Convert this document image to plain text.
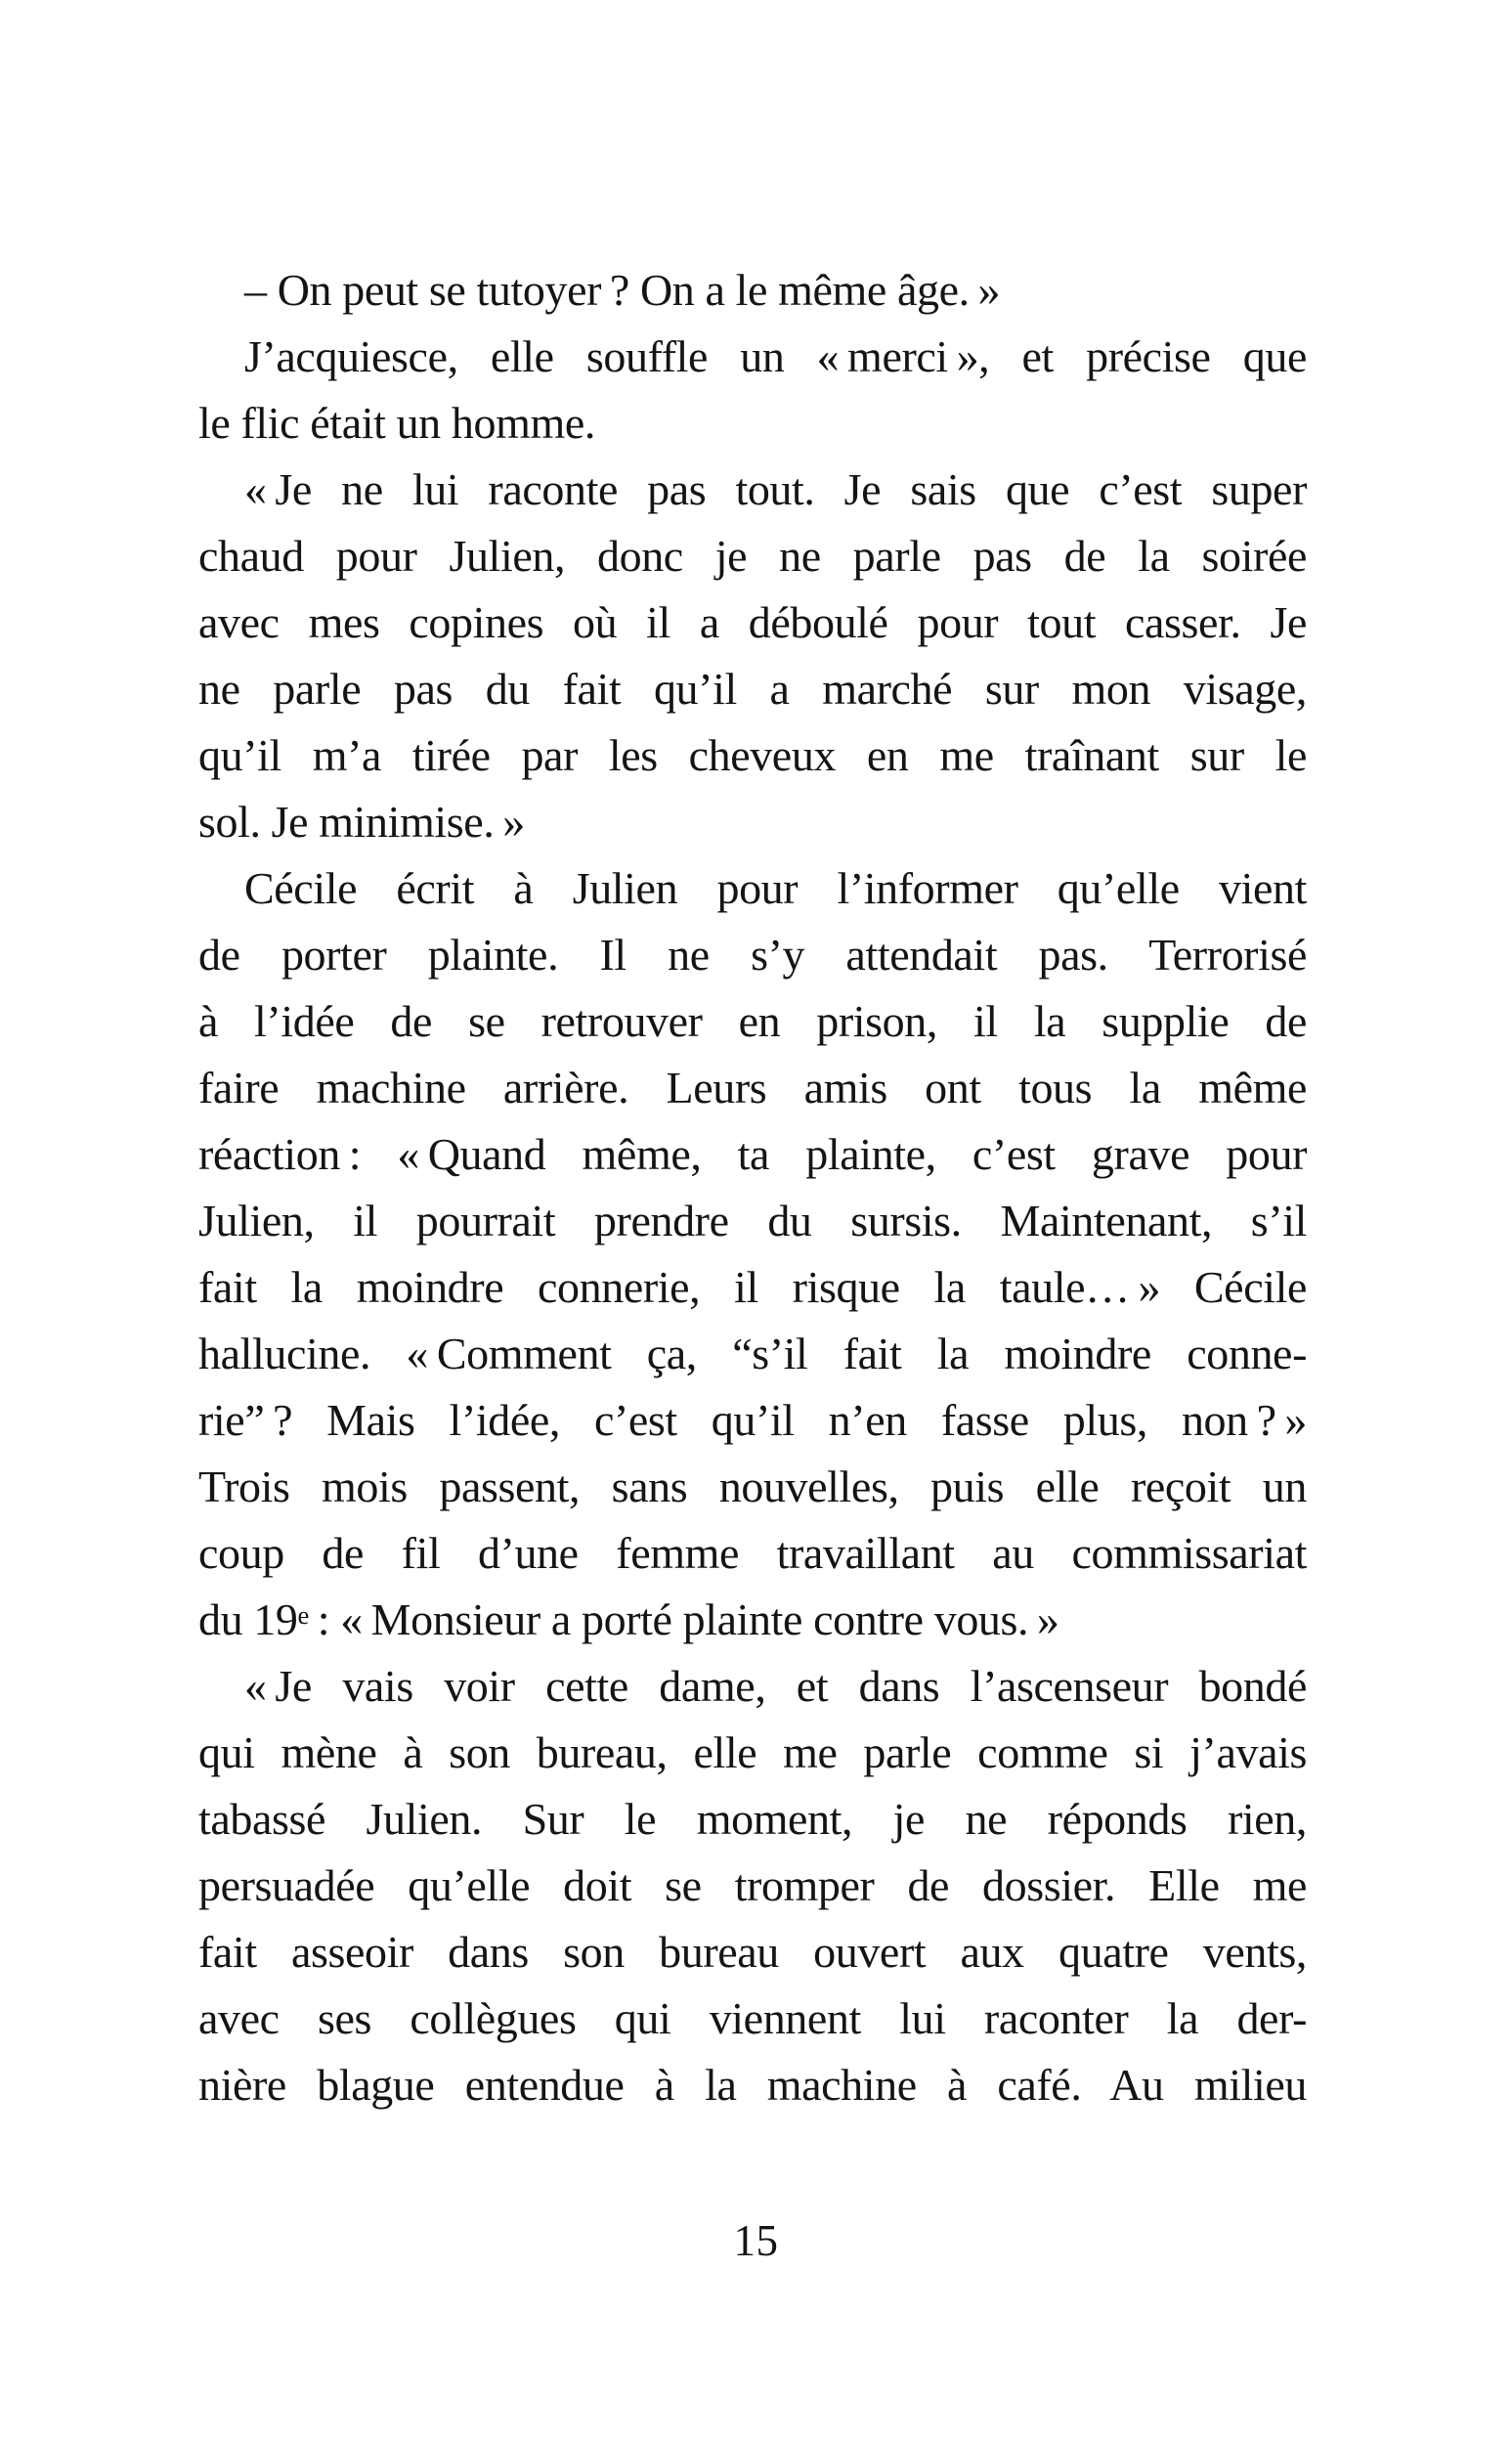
– On peut se tutoyer ? On a le même âge. »
J’acquiesce, elle souffle un « merci », et précise que
le flic était un homme.
« Je ne lui raconte pas tout. Je sais que c’est super
chaud pour Julien, donc je ne parle pas de la soirée
avec mes copines où il a déboulé pour tout casser. Je
ne parle pas du fait qu’il a marché sur mon visage,
qu’il m’a tirée par les cheveux en me traînant sur le
sol. Je minimise. »
Cécile écrit à Julien pour l’informer qu’elle vient
de porter plainte. Il ne s’y attendait pas. Terrorisé
à l’idée de se retrouver en prison, il la supplie de
faire machine arrière. Leurs amis ont tous la même
réaction : « Quand même, ta plainte, c’est grave pour
Julien, il pourrait prendre du sursis. Maintenant, s’il
fait la moindre connerie, il risque la taule… » Cécile
hallucine. « Comment ça, “s’il fait la moindre conne-
rie” ? Mais l’idée, c’est qu’il n’en fasse plus, non ? »
Trois mois passent, sans nouvelles, puis elle reçoit un
coup de fil d’une femme travaillant au commissariat
du 19e : « Monsieur a porté plainte contre vous. »
« Je vais voir cette dame, et dans l’ascenseur bondé
qui mène à son bureau, elle me parle comme si j’avais
tabassé Julien. Sur le moment, je ne réponds rien,
persuadée qu’elle doit se tromper de dossier. Elle me
fait asseoir dans son bureau ouvert aux quatre vents,
avec ses collègues qui viennent lui raconter la der-
nière blague entendue à la machine à café. Au milieu
15
